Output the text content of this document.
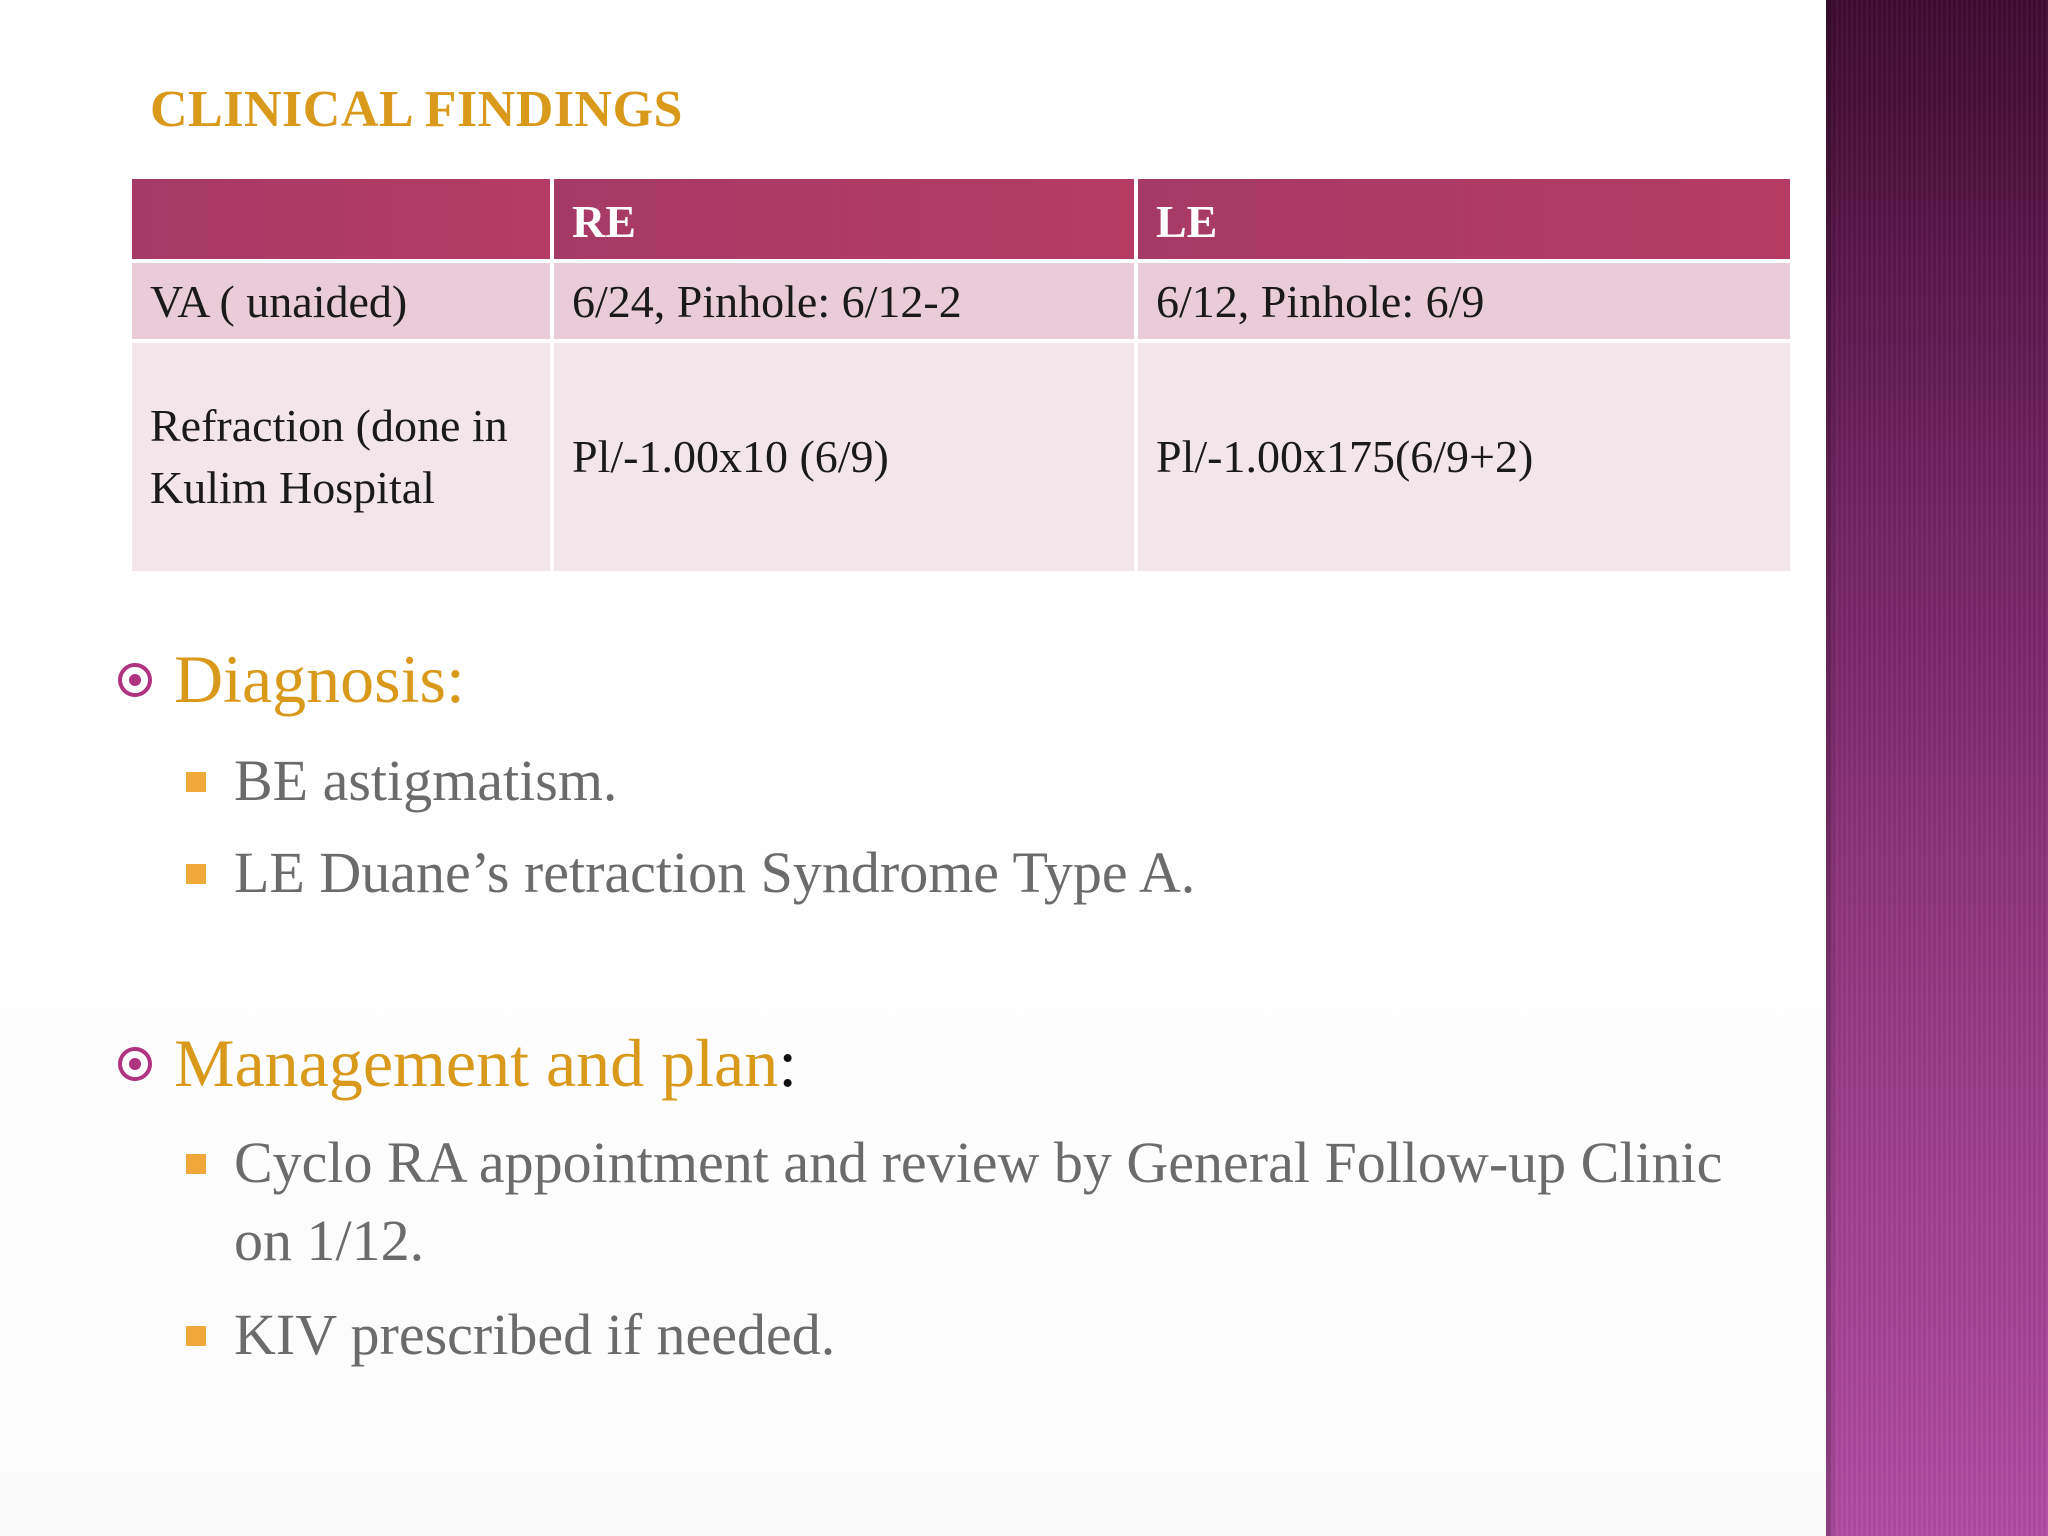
CLINICAL FINDINGS
	RE	LE
VA ( unaided)	6/24, Pinhole: 6/12-2	6/12, Pinhole: 6/9
Refraction (done in Kulim Hospital	Pl/-1.00x10 (6/9)	Pl/-1.00x175(6/9+2)
Diagnosis:
BE astigmatism.
LE Duane’s retraction Syndrome Type A.
Management and plan:
Cyclo RA appointment and review by General Follow-up Clinic on 1/12.
KIV prescribed if needed.
